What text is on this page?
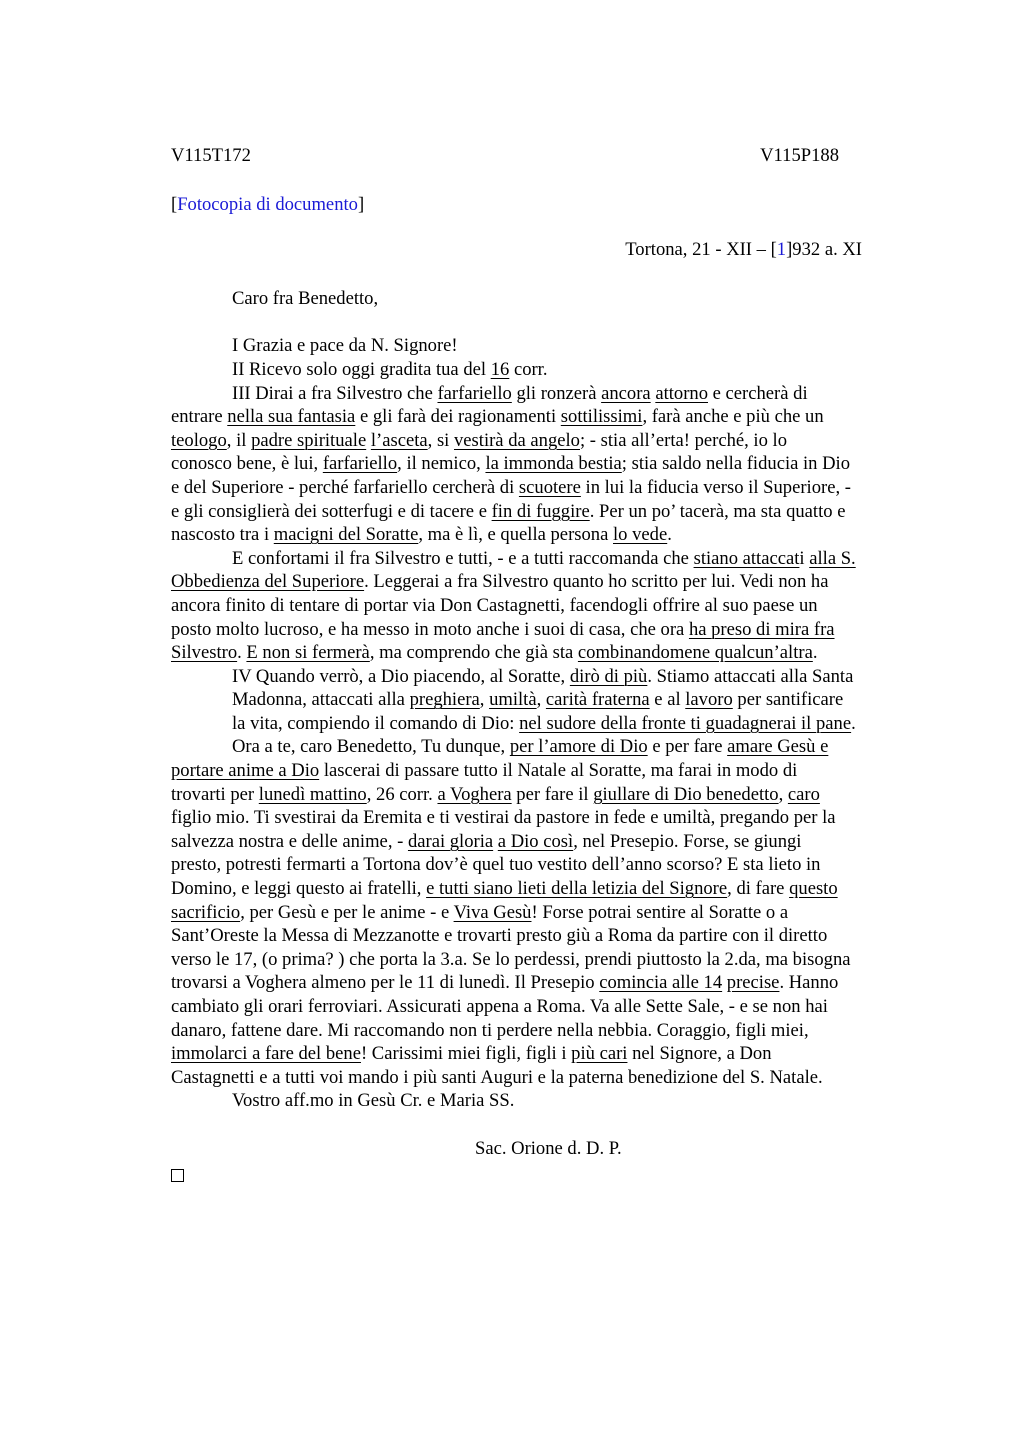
V115T172	V115P188
[Fotocopia di documento]
Tortona, 21 - XII – [1]932 a. XI
Caro fra Benedetto,
I Grazia e pace da N. Signore!
II Ricevo solo oggi gradita tua del 16 corr.
III Dirai a fra Silvestro che farfariello gli ronzerà ancora attorno e cercherà di
entrare nella sua fantasia e gli farà dei ragionamenti sottilissimi, farà anche e più che un
teologo, il padre spirituale l’asceta, si vestirà da angelo; - stia all’erta! perché, io lo
conosco bene, è lui, farfariello, il nemico, la immonda bestia; stia saldo nella fiducia in Dio
e del Superiore - perché farfariello cercherà di scuotere in lui la fiducia verso il Superiore, -
e gli consiglierà dei sotterfugi e di tacere e fin di fuggire. Per un po’ tacerà, ma sta quatto e
nascosto tra i macigni del Soratte, ma è lì, e quella persona lo vede.
E confortami il fra Silvestro e tutti, - e a tutti raccomanda che stiano attaccati alla S.
Obbedienza del Superiore. Leggerai a fra Silvestro quanto ho scritto per lui. Vedi non ha
ancora finito di tentare di portar via Don Castagnetti, facendogli offrire al suo paese un
posto molto lucroso, e ha messo in moto anche i suoi di casa, che ora ha preso di mira fra
Silvestro. E non si fermerà, ma comprendo che già sta combinandomene qualcun’altra.
IV Quando verrò, a Dio piacendo, al Soratte, dirò di più. Stiamo attaccati alla Santa
Madonna, attaccati alla preghiera, umiltà, carità fraterna e al lavoro per santificare
la vita, compiendo il comando di Dio: nel sudore della fronte ti guadagnerai il pane.
Ora a te, caro Benedetto, Tu dunque, per l’amore di Dio e per fare amare Gesù e
portare anime a Dio lascerai di passare tutto il Natale al Soratte, ma farai in modo di
trovarti per lunedì mattino, 26 corr. a Voghera per fare il giullare di Dio benedetto, caro
figlio mio. Ti svestirai da Eremita e ti vestirai da pastore in fede e umiltà, pregando per la
salvezza nostra e delle anime, - darai gloria a Dio così, nel Presepio. Forse, se giungi
presto, potresti fermarti a Tortona dov’è quel tuo vestito dell’anno scorso? E sta lieto in
Domino, e leggi questo ai fratelli, e tutti siano lieti della letizia del Signore, di fare questo
sacrificio, per Gesù e per le anime - e Viva Gesù! Forse potrai sentire al Soratte o a
Sant’Oreste la Messa di Mezzanotte e trovarti presto giù a Roma da partire con il diretto
verso le 17, (o prima? ) che porta la 3.a. Se lo perdessi, prendi piuttosto la 2.da, ma bisogna
trovarsi a Voghera almeno per le 11 di lunedì. Il Presepio comincia alle 14 precise. Hanno
cambiato gli orari ferroviari. Assicurati appena a Roma. Va alle Sette Sale, - e se non hai
danaro, fattene dare. Mi raccomando non ti perdere nella nebbia. Coraggio, figli miei,
immolarci a fare del bene! Carissimi miei figli, figli i più cari nel Signore, a Don
Castagnetti e a tutti voi mando i più santi Auguri e la paterna benedizione del S. Natale.
Vostro aff.mo in Gesù Cr. e Maria SS.
Sac. Orione d. D. P.
